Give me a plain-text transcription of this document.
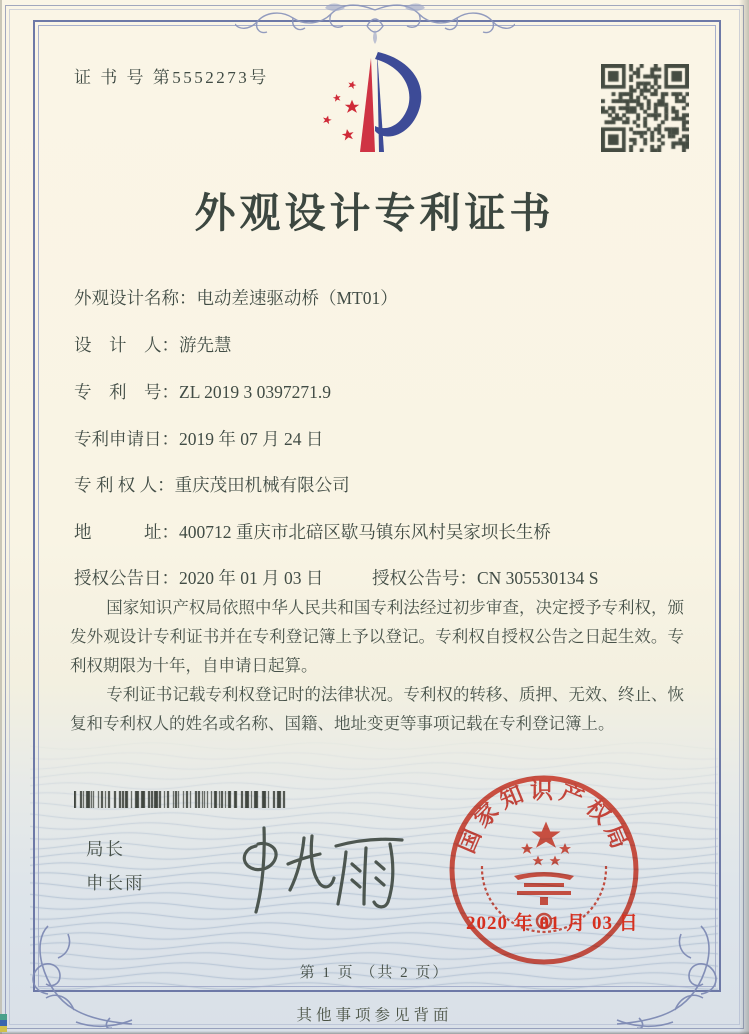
证 书 号 第5552273号
外观设计专利证书
外观设计名称：电动差速驱动桥（MT01）
设　计　人：游先慧
专　利　号：ZL 2019 3 0397271.9
专利申请日：2019 年 07 月 24 日
专 利 权 人：重庆茂田机械有限公司
地　　　址：400712 重庆市北碚区歇马镇东风村吴家坝长生桥
授权公告日：2020 年 01 月 03 日	授权公告号：CN 305530134 S

国家知识产权局依照中华人民共和国专利法经过初步审查，决定授予专利权，颁发外观设计专利证书并在专利登记簿上予以登记。专利权自授权公告之日起生效。专利权期限为十年，自申请日起算。

专利证书记载专利权登记时的法律状况。专利权的转移、质押、无效、终止、恢复和专利权人的姓名或名称、国籍、地址变更等事项记载在专利登记簿上。

局长
申长雨
国家知识产权局
2020 年 01 月 03 日
第 1 页 （共 2 页）
其他事项参见背面
